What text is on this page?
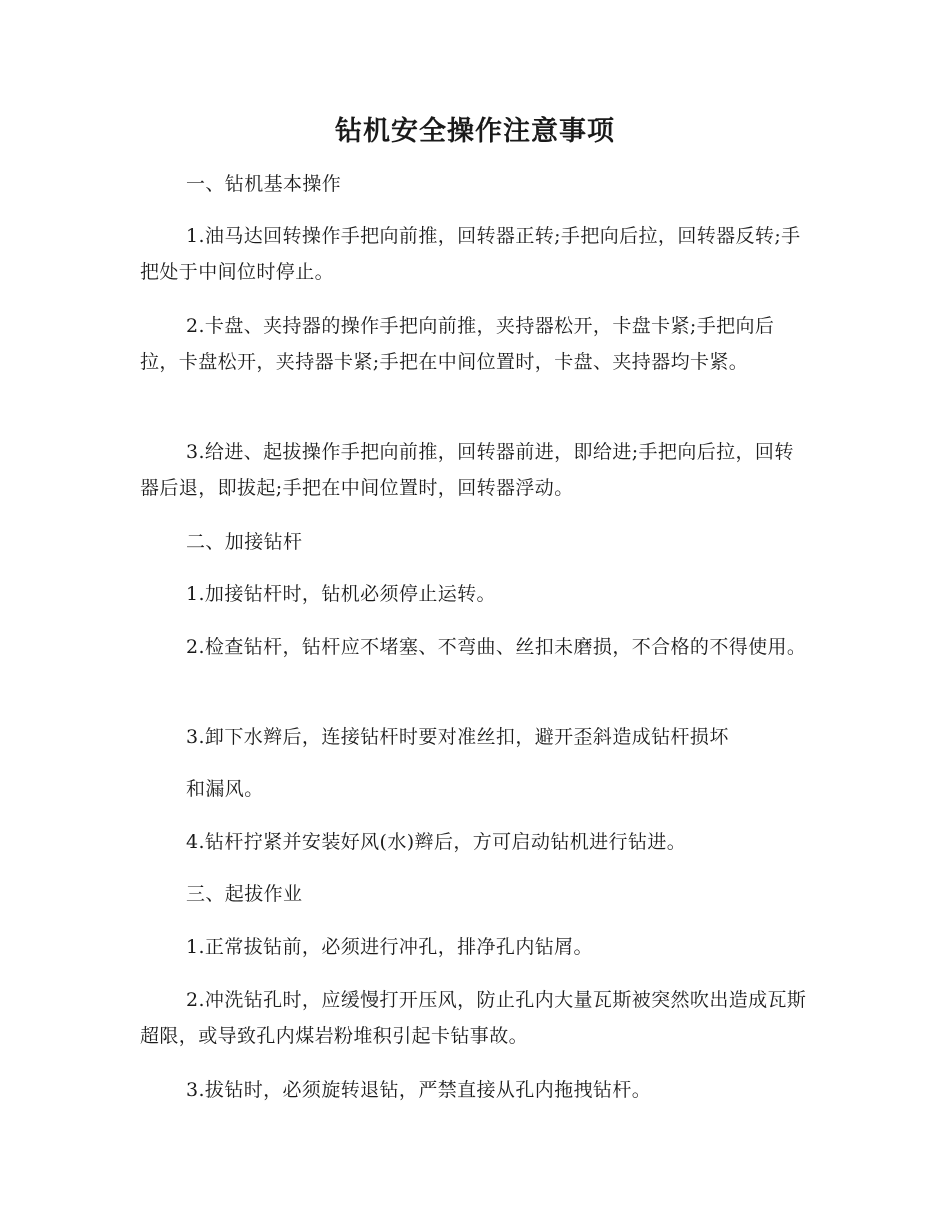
钻机安全操作注意事项

一、钻机基本操作

1.油马达回转操作手把向前推，回转器正转;手把向后拉，回转器反转;手把处于中间位时停止。

2.卡盘、夹持器的操作手把向前推，夹持器松开，卡盘卡紧;手把向后拉，卡盘松开，夹持器卡紧;手把在中间位置时，卡盘、夹持器均卡紧。

3.给进、起拔操作手把向前推，回转器前进，即给进;手把向后拉，回转器后退，即拔起;手把在中间位置时，回转器浮动。

二、加接钻杆

1.加接钻杆时，钻机必须停止运转。

2.检查钻杆，钻杆应不堵塞、不弯曲、丝扣未磨损，不合格的不得使用。

3.卸下水辫后，连接钻杆时要对准丝扣，避开歪斜造成钻杆损坏

和漏风。

4.钻杆拧紧并安装好风(水)辫后，方可启动钻机进行钻进。

三、起拔作业

1.正常拔钻前，必须进行冲孔，排净孔内钻屑。

2.冲洗钻孔时，应缓慢打开压风，防止孔内大量瓦斯被突然吹出造成瓦斯超限，或导致孔内煤岩粉堆积引起卡钻事故。

3.拔钻时，必须旋转退钻，严禁直接从孔内拖拽钻杆。
